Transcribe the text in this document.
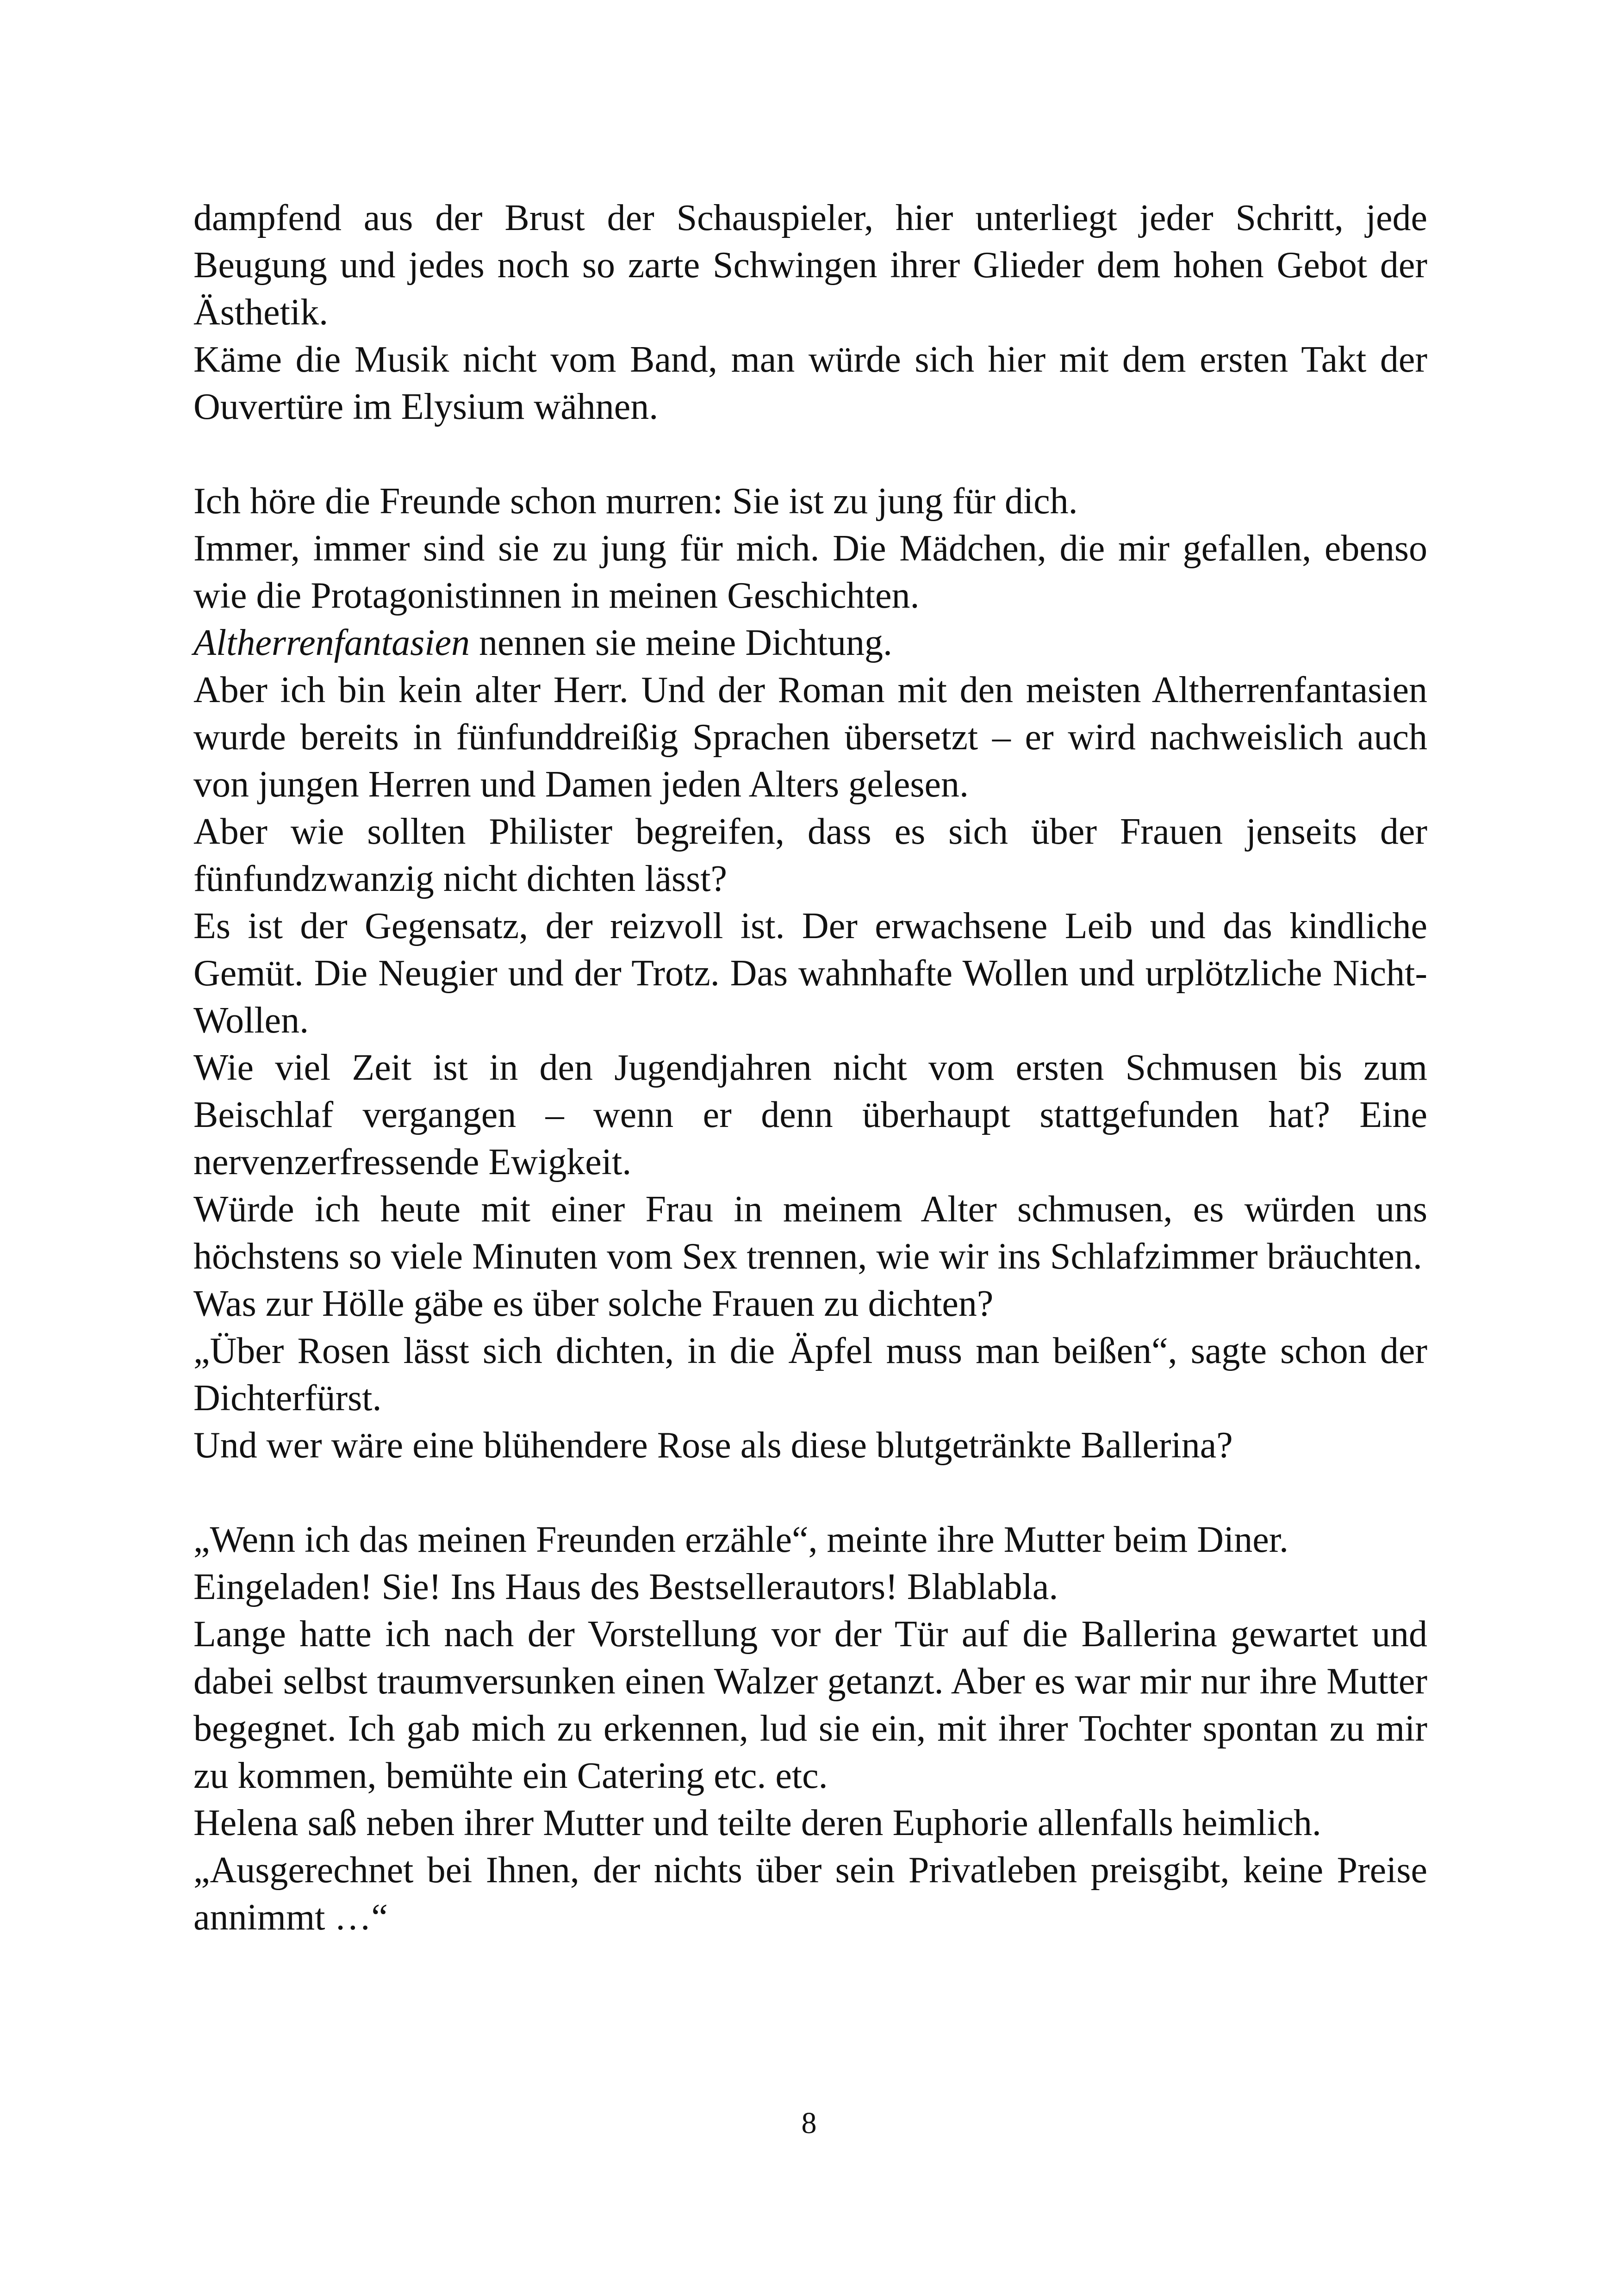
dampfend aus der Brust der Schauspieler, hier unterliegt jeder Schritt, jede Beugung und jedes noch so zarte Schwingen ihrer Glieder dem hohen Gebot der Ästhetik.

Käme die Musik nicht vom Band, man würde sich hier mit dem ersten Takt der Ouvertüre im Elysium wähnen.

Ich höre die Freunde schon murren: Sie ist zu jung für dich.

Immer, immer sind sie zu jung für mich. Die Mädchen, die mir gefallen, ebenso wie die Protagonistinnen in meinen Geschichten.

Altherrenfantasien nennen sie meine Dichtung.

Aber ich bin kein alter Herr. Und der Roman mit den meisten Altherrenfantasien wurde bereits in fünfunddreißig Sprachen übersetzt – er wird nachweislich auch von jungen Herren und Damen jeden Alters gelesen.

Aber wie sollten Philister begreifen, dass es sich über Frauen jenseits der fünfundzwanzig nicht dichten lässt?

Es ist der Gegensatz, der reizvoll ist. Der erwachsene Leib und das kindliche Gemüt. Die Neugier und der Trotz. Das wahnhafte Wollen und urplötzliche Nicht-Wollen.

Wie viel Zeit ist in den Jugendjahren nicht vom ersten Schmusen bis zum Beischlaf vergangen – wenn er denn überhaupt stattgefunden hat? Eine nervenzerfressende Ewigkeit.

Würde ich heute mit einer Frau in meinem Alter schmusen, es würden uns höchstens so viele Minuten vom Sex trennen, wie wir ins Schlafzimmer bräuchten.

Was zur Hölle gäbe es über solche Frauen zu dichten?

„Über Rosen lässt sich dichten, in die Äpfel muss man beißen“, sagte schon der Dichterfürst.

Und wer wäre eine blühendere Rose als diese blutgetränkte Ballerina?

„Wenn ich das meinen Freunden erzähle“, meinte ihre Mutter beim Diner.

Eingeladen! Sie! Ins Haus des Bestsellerautors! Blablabla.

Lange hatte ich nach der Vorstellung vor der Tür auf die Ballerina gewartet und dabei selbst traumversunken einen Walzer getanzt. Aber es war mir nur ihre Mutter begegnet. Ich gab mich zu erkennen, lud sie ein, mit ihrer Tochter spontan zu mir zu kommen, bemühte ein Catering etc. etc.

Helena saß neben ihrer Mutter und teilte deren Euphorie allenfalls heimlich.

„Ausgerechnet bei Ihnen, der nichts über sein Privatleben preisgibt, keine Preise annimmt …“

8
